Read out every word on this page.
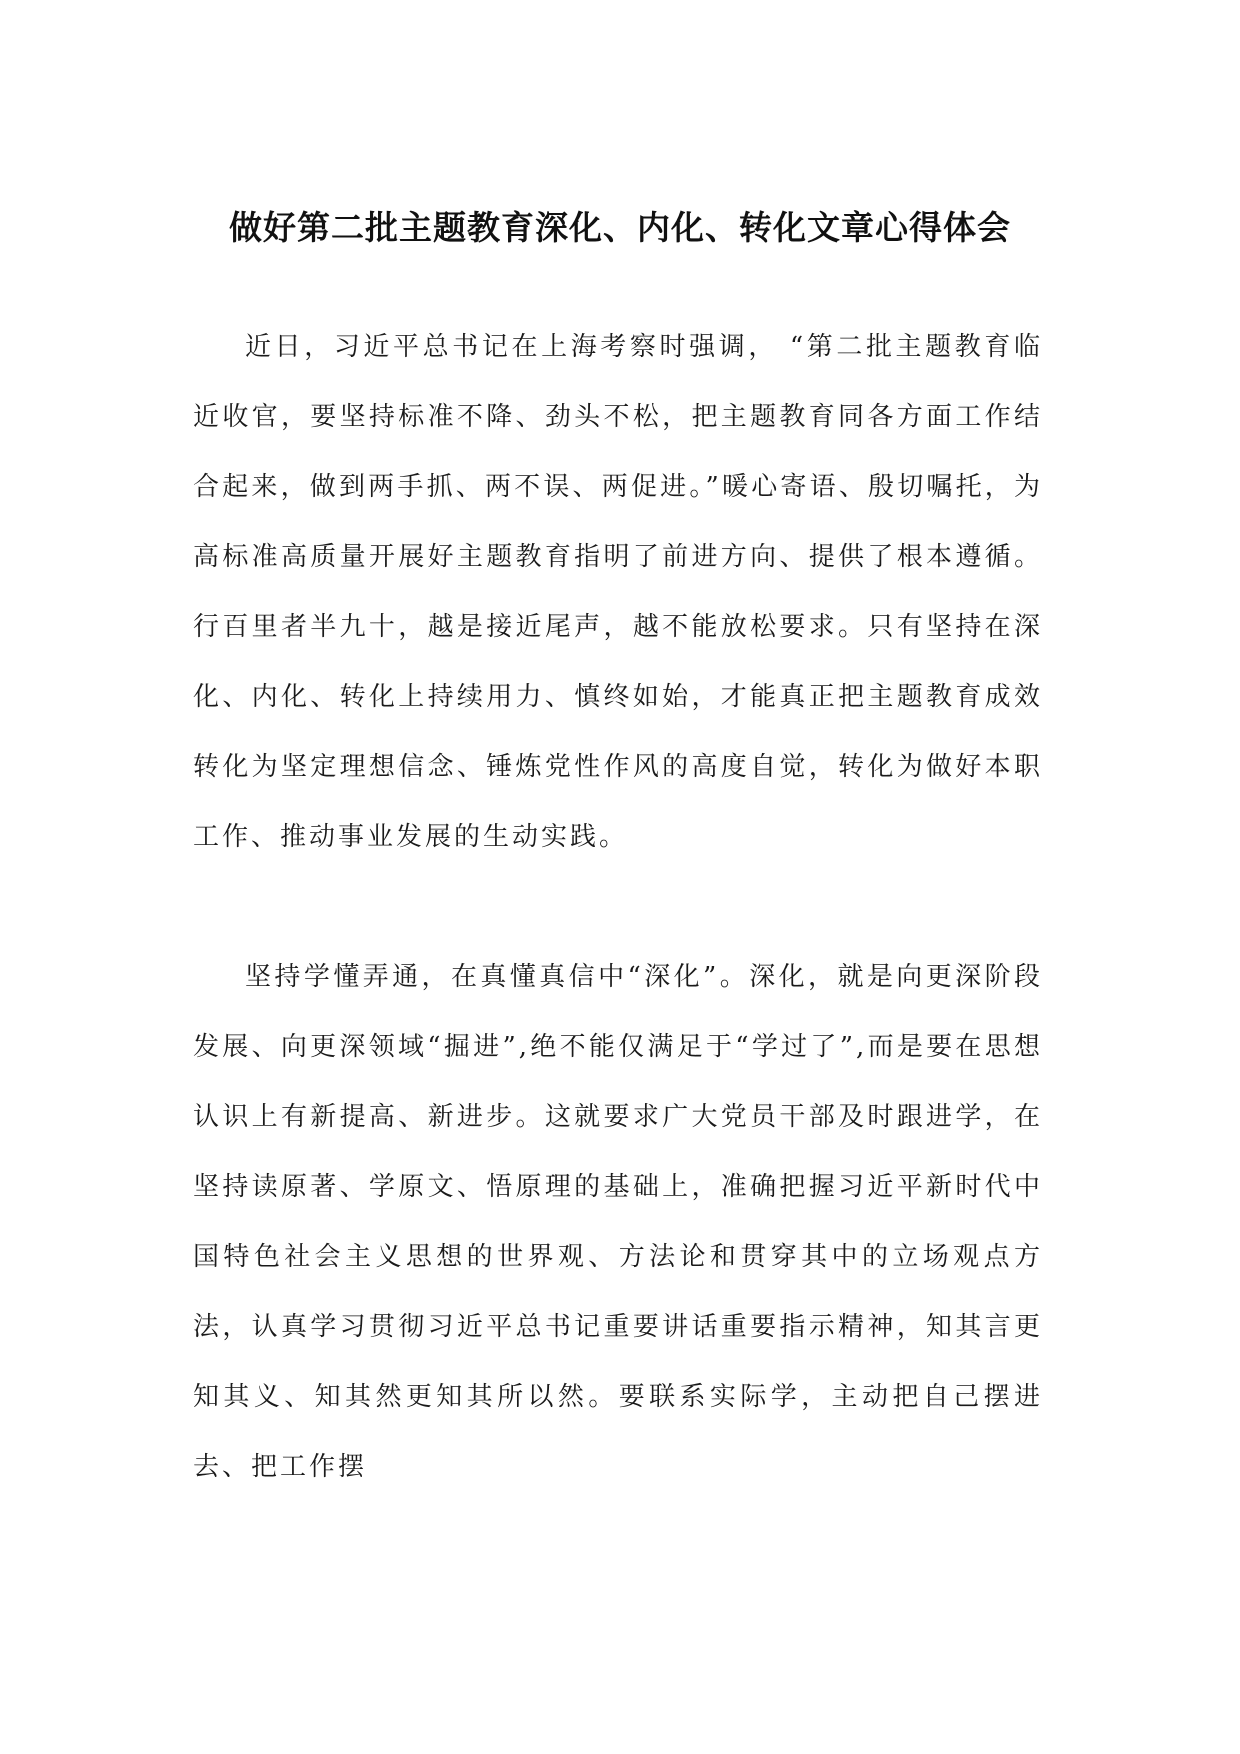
做好第二批主题教育深化、内化、转化文章心得体会

近日，习近平总书记在上海考察时强调， “第二批主题教育临近收官，要坚持标准不降、劲头不松，把主题教育同各方面工作结合起来，做到两手抓、两不误、两促进。”暖心寄语、殷切嘱托，为高标准高质量开展好主题教育指明了前进方向、提供了根本遵循。行百里者半九十，越是接近尾声，越不能放松要求。只有坚持在深化、内化、转化上持续用力、慎终如始，才能真正把主题教育成效转化为坚定理想信念、锤炼党性作风的高度自觉，转化为做好本职工作、推动事业发展的生动实践。

坚持学懂弄通，在真懂真信中“深化”。深化，就是向更深阶段发展、向更深领域“掘进”,绝不能仅满足于“学过了”,而是要在思想认识上有新提高、新进步。这就要求广大党员干部及时跟进学，在坚持读原著、学原文、悟原理的基础上，准确把握习近平新时代中国特色社会主义思想的世界观、方法论和贯穿其中的立场观点方法，认真学习贯彻习近平总书记重要讲话重要指示精神，知其言更知其义、知其然更知其所以然。要联系实际学，主动把自己摆进去、把工作摆
